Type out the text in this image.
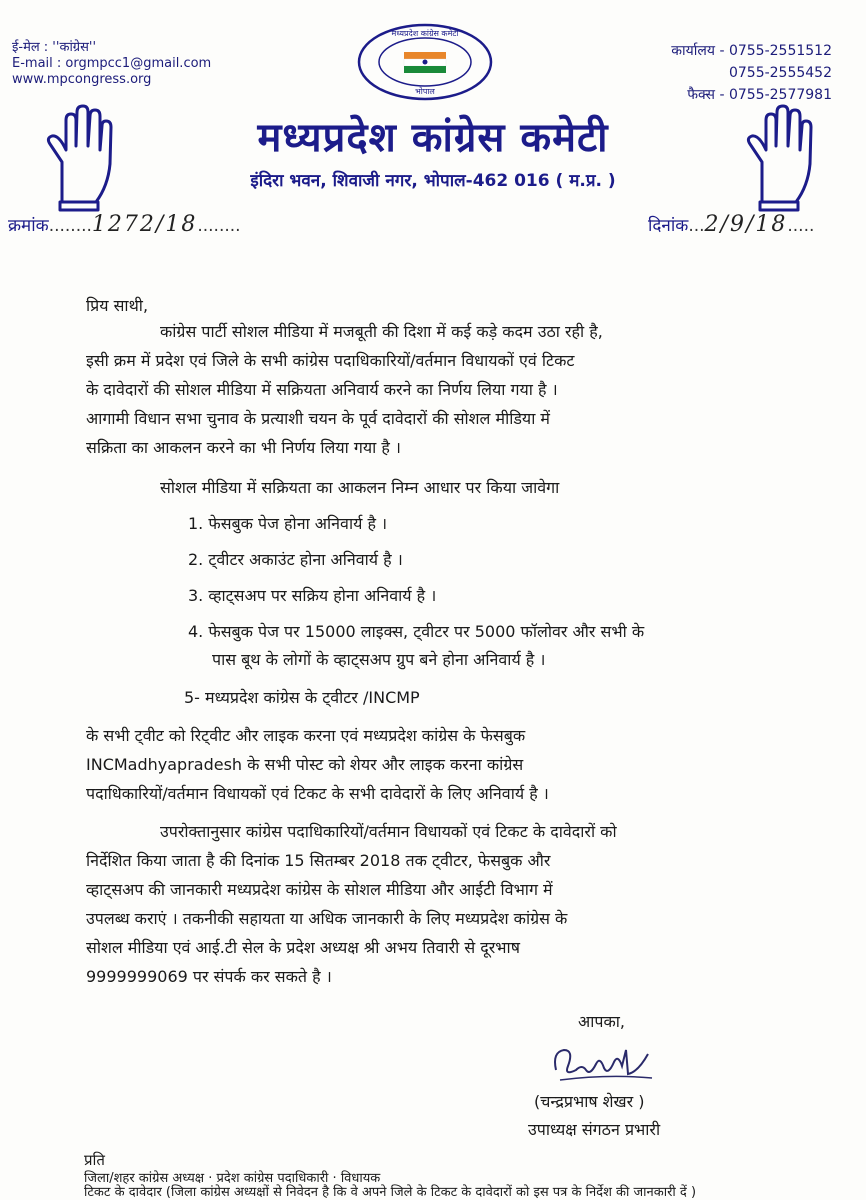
ई-मेल : ''कांग्रेस''
E-mail : orgmpcc1@gmail.com
www.mpcongress.org
मध्यप्रदेश कांग्रेस कमेटी
भोपाल
कार्यालय - 0755-2551512
0755-2555452
फैक्स - 0755-2577981
मध्यप्रदेश कांग्रेस कमेटी
इंदिरा भवन, शिवाजी नगर, भोपाल-462 016 ( म.प्र. )
क्रमांक........1272/18........	दिनांक...2/9/18.....
प्रिय साथी,
कांग्रेस पार्टी सोशल मीडिया में मजबूती की दिशा में कई कड़े कदम उठा रही है,
इसी क्रम में प्रदेश एवं जिले के सभी कांग्रेस पदाधिकारियों/वर्तमान विधायकों एवं टिकट
के दावेदारों की सोशल मीडिया में सक्रियता अनिवार्य करने का निर्णय लिया गया है ।
आगामी विधान सभा चुनाव के प्रत्याशी चयन के पूर्व दावेदारों की सोशल मीडिया में
सक्रिता का आकलन करने का भी निर्णय लिया गया है ।
सोशल मीडिया में सक्रियता का आकलन निम्न आधार पर किया जावेगा
1. फेसबुक पेज होना अनिवार्य है ।
2. ट्वीटर अकाउंट होना अनिवार्य है ।
3. व्हाट्सअप पर सक्रिय होना अनिवार्य है ।
4. फेसबुक पेज पर 15000 लाइक्स, ट्वीटर पर 5000 फॉलोवर और सभी के
पास बूथ के लोगों के व्हाट्सअप ग्रुप बने होना अनिवार्य है ।
5- मध्यप्रदेश कांग्रेस के ट्वीटर /INCMP
के सभी ट्वीट को रिट्वीट और लाइक करना एवं मध्यप्रदेश कांग्रेस के फेसबुक
INCMadhyapradesh के सभी पोस्ट को शेयर और लाइक करना कांग्रेस
पदाधिकारियों/वर्तमान विधायकों एवं टिकट के सभी दावेदारों के लिए अनिवार्य है ।
उपरोक्तानुसार कांग्रेस पदाधिकारियों/वर्तमान विधायकों एवं टिकट के दावेदारों को
निर्देशित किया जाता है की दिनांक 15 सितम्बर 2018 तक ट्वीटर, फेसबुक और
व्हाट्सअप की जानकारी मध्यप्रदेश कांग्रेस के सोशल मीडिया और आईटी विभाग में
उपलब्ध कराएं । तकनीकी सहायता या अधिक जानकारी के लिए मध्यप्रदेश कांग्रेस के
सोशल मीडिया एवं आई.टी सेल के प्रदेश अध्यक्ष श्री अभय तिवारी से दूरभाष
9999999069 पर संपर्क कर सकते है ।
आपका,
(चन्द्रप्रभाष शेखर )
उपाध्यक्ष संगठन प्रभारी
प्रति
जिला/शहर कांग्रेस अध्यक्ष · प्रदेश कांग्रेस पदाधिकारी · विधायक
टिकट के दावेदार (जिला कांग्रेस अध्यक्षों से निवेदन है कि वे अपने जिले के टिकट के दावेदारों को इस पत्र के निर्देश की जानकारी दें )
